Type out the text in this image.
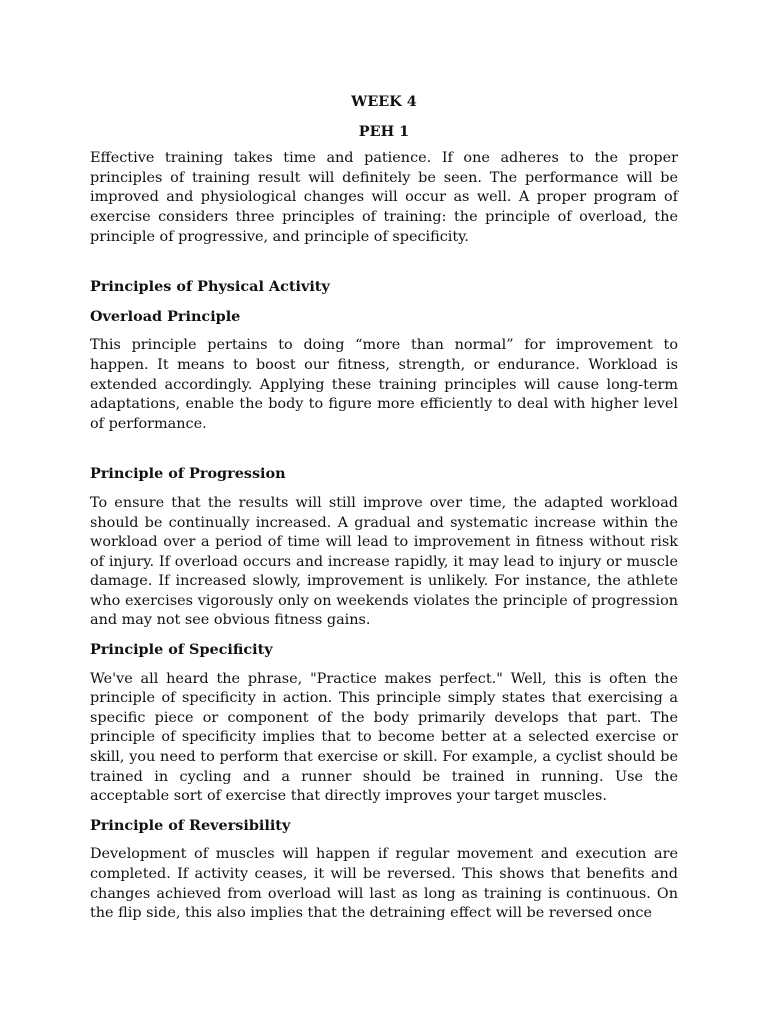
WEEK 4
PEH 1

Effective training takes time and patience. If one adheres to the proper principles of training result will definitely be seen. The performance will be improved and physiological changes will occur as well. A proper program of exercise considers three principles of training: the principle of overload, the principle of progressive, and principle of specificity.

Principles of Physical Activity
Overload Principle

This principle pertains to doing “more than normal” for improvement to happen. It means to boost our fitness, strength, or endurance. Workload is extended accordingly. Applying these training principles will cause long-term adaptations, enable the body to figure more efficiently to deal with higher level of performance.

Principle of Progression

To ensure that the results will still improve over time, the adapted workload should be continually increased. A gradual and systematic increase within the workload over a period of time will lead to improvement in fitness without risk of injury. If overload occurs and increase rapidly, it may lead to injury or muscle damage. If increased slowly, improvement is unlikely. For instance, the athlete who exercises vigorously only on weekends violates the principle of progression and may not see obvious fitness gains.

Principle of Specificity

We've all heard the phrase, "Practice makes perfect." Well, this is often the principle of specificity in action. This principle simply states that exercising a specific piece or component of the body primarily develops that part. The principle of specificity implies that to become better at a selected exercise or skill, you need to perform that exercise or skill. For example, a cyclist should be trained in cycling and a runner should be trained in running. Use the acceptable sort of exercise that directly improves your target muscles.

Principle of Reversibility

Development of muscles will happen if regular movement and execution are completed. If activity ceases, it will be reversed. This shows that benefits and changes achieved from overload will last as long as training is continuous. On the flip side, this also implies that the detraining effect will be reversed once
